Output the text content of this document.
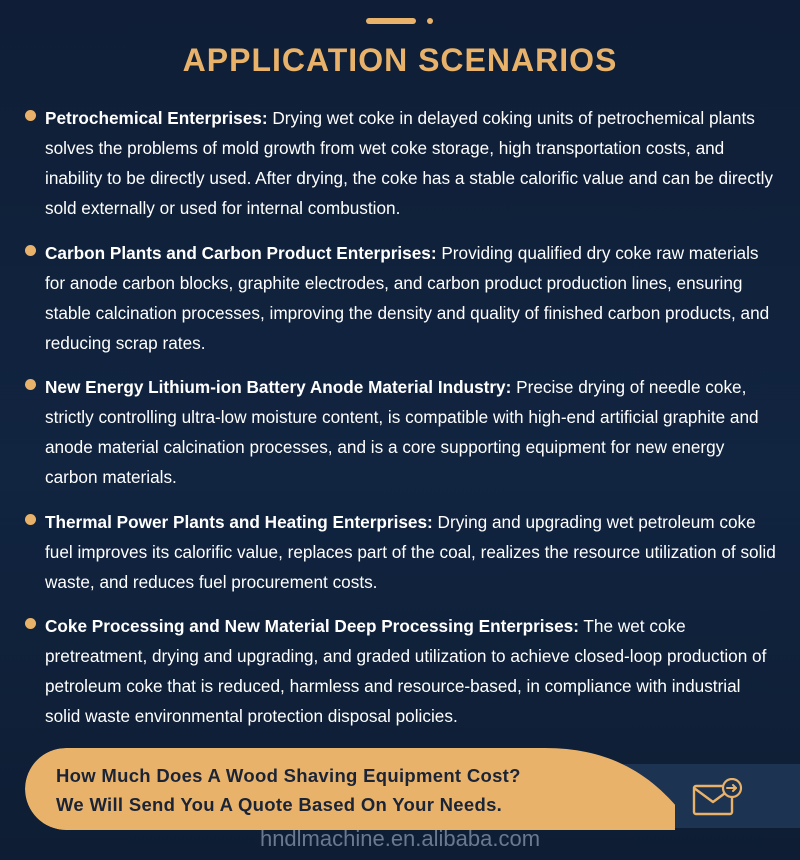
APPLICATION SCENARIOS
Petrochemical Enterprises: Drying wet coke in delayed coking units of petrochemical plants solves the problems of mold growth from wet coke storage, high transportation costs, and inability to be directly used. After drying, the coke has a stable calorific value and can be directly sold externally or used for internal combustion.
Carbon Plants and Carbon Product Enterprises: Providing qualified dry coke raw materials for anode carbon blocks, graphite electrodes, and carbon product production lines, ensuring stable calcination processes, improving the density and quality of finished carbon products, and reducing scrap rates.
New Energy Lithium-ion Battery Anode Material Industry: Precise drying of needle coke, strictly controlling ultra-low moisture content, is compatible with high-end artificial graphite and anode material calcination processes, and is a core supporting equipment for new energy carbon materials.
Thermal Power Plants and Heating Enterprises: Drying and upgrading wet petroleum coke fuel improves its calorific value, replaces part of the coal, realizes the resource utilization of solid waste, and reduces fuel procurement costs.
Coke Processing and New Material Deep Processing Enterprises: The wet coke pretreatment, drying and upgrading, and graded utilization to achieve closed-loop production of petroleum coke that is reduced, harmless and resource-based, in compliance with industrial solid waste environmental protection disposal policies.
How Much Does A Wood Shaving Equipment Cost?
We Will Send You A Quote Based On Your Needs.
hndlmachine.en.alibaba.com
